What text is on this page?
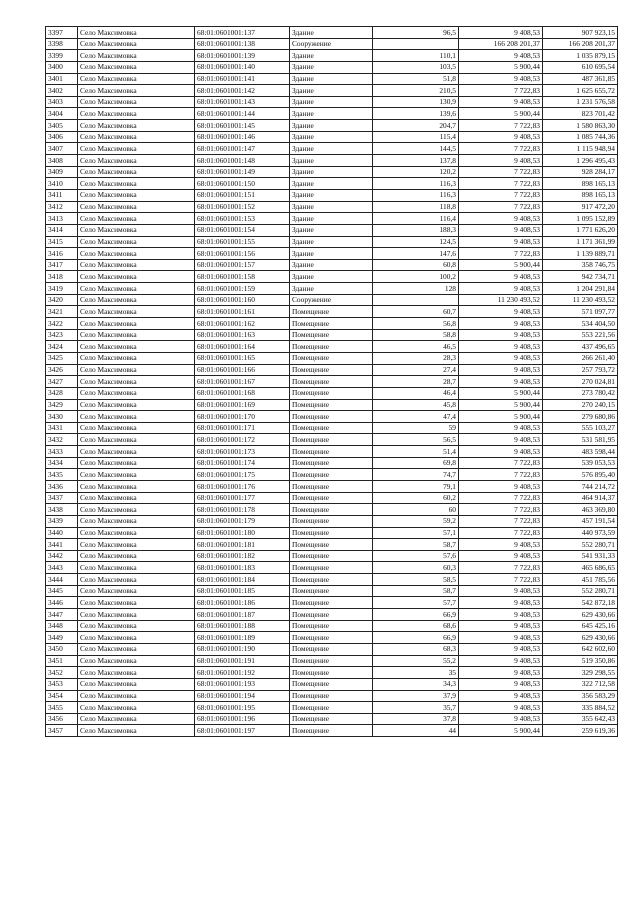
3397	Село Максимовка	68:01:0601001:137	Здание	96,5	9 408,53	907 923,15
3398	Село Максимовка	68:01:0601001:138	Сооружение		166 208 201,37	166 208 201,37
3399	Село Максимовка	68:01:0601001:139	Здание	110,1	9 408,53	1 035 879,15
3400	Село Максимовка	68:01:0601001:140	Здание	103,5	5 900,44	610 695,54
3401	Село Максимовка	68:01:0601001:141	Здание	51,8	9 408,53	487 361,85
3402	Село Максимовка	68:01:0601001:142	Здание	210,5	7 722,83	1 625 655,72
3403	Село Максимовка	68:01:0601001:143	Здание	130,9	9 408,53	1 231 576,58
3404	Село Максимовка	68:01:0601001:144	Здание	139,6	5 900,44	823 701,42
3405	Село Максимовка	68:01:0601001:145	Здание	204,7	7 722,83	1 580 863,30
3406	Село Максимовка	68:01:0601001:146	Здание	115,4	9 408,53	1 085 744,36
3407	Село Максимовка	68:01:0601001:147	Здание	144,5	7 722,83	1 115 948,94
3408	Село Максимовка	68:01:0601001:148	Здание	137,8	9 408,53	1 296 495,43
3409	Село Максимовка	68:01:0601001:149	Здание	120,2	7 722,83	928 284,17
3410	Село Максимовка	68:01:0601001:150	Здание	116,3	7 722,83	898 165,13
3411	Село Максимовка	68:01:0601001:151	Здание	116,3	7 722,83	898 165,13
3412	Село Максимовка	68:01:0601001:152	Здание	118,8	7 722,83	917 472,20
3413	Село Максимовка	68:01:0601001:153	Здание	116,4	9 408,53	1 095 152,89
3414	Село Максимовка	68:01:0601001:154	Здание	188,3	9 408,53	1 771 626,20
3415	Село Максимовка	68:01:0601001:155	Здание	124,5	9 408,53	1 171 361,99
3416	Село Максимовка	68:01:0601001:156	Здание	147,6	7 722,83	1 139 889,71
3417	Село Максимовка	68:01:0601001:157	Здание	60,8	5 900,44	358 746,75
3418	Село Максимовка	68:01:0601001:158	Здание	100,2	9 408,53	942 734,71
3419	Село Максимовка	68:01:0601001:159	Здание	128	9 408,53	1 204 291,84
3420	Село Максимовка	68:01:0601001:160	Сооружение		11 230 493,52	11 230 493,52
3421	Село Максимовка	68:01:0601001:161	Помещение	60,7	9 408,53	571 097,77
3422	Село Максимовка	68:01:0601001:162	Помещение	56,8	9 408,53	534 404,50
3423	Село Максимовка	68:01:0601001:163	Помещение	58,8	9 408,53	553 221,56
3424	Село Максимовка	68:01:0601001:164	Помещение	46,5	9 408,53	437 496,65
3425	Село Максимовка	68:01:0601001:165	Помещение	28,3	9 408,53	266 261,40
3426	Село Максимовка	68:01:0601001:166	Помещение	27,4	9 408,53	257 793,72
3427	Село Максимовка	68:01:0601001:167	Помещение	28,7	9 408,53	270 024,81
3428	Село Максимовка	68:01:0601001:168	Помещение	46,4	5 900,44	273 780,42
3429	Село Максимовка	68:01:0601001:169	Помещение	45,8	5 900,44	270 240,15
3430	Село Максимовка	68:01:0601001:170	Помещение	47,4	5 900,44	279 680,86
3431	Село Максимовка	68:01:0601001:171	Помещение	59	9 408,53	555 103,27
3432	Село Максимовка	68:01:0601001:172	Помещение	56,5	9 408,53	531 581,95
3433	Село Максимовка	68:01:0601001:173	Помещение	51,4	9 408,53	483 598,44
3434	Село Максимовка	68:01:0601001:174	Помещение	69,8	7 722,83	539 053,53
3435	Село Максимовка	68:01:0601001:175	Помещение	74,7	7 722,83	576 895,40
3436	Село Максимовка	68:01:0601001:176	Помещение	79,1	9 408,53	744 214,72
3437	Село Максимовка	68:01:0601001:177	Помещение	60,2	7 722,83	464 914,37
3438	Село Максимовка	68:01:0601001:178	Помещение	60	7 722,83	463 369,80
3439	Село Максимовка	68:01:0601001:179	Помещение	59,2	7 722,83	457 191,54
3440	Село Максимовка	68:01:0601001:180	Помещение	57,1	7 722,83	440 973,59
3441	Село Максимовка	68:01:0601001:181	Помещение	58,7	9 408,53	552 280,71
3442	Село Максимовка	68:01:0601001:182	Помещение	57,6	9 408,53	541 931,33
3443	Село Максимовка	68:01:0601001:183	Помещение	60,3	7 722,83	465 686,65
3444	Село Максимовка	68:01:0601001:184	Помещение	58,5	7 722,83	451 785,56
3445	Село Максимовка	68:01:0601001:185	Помещение	58,7	9 408,53	552 280,71
3446	Село Максимовка	68:01:0601001:186	Помещение	57,7	9 408,53	542 872,18
3447	Село Максимовка	68:01:0601001:187	Помещение	66,9	9 408,53	629 430,66
3448	Село Максимовка	68:01:0601001:188	Помещение	68,6	9 408,53	645 425,16
3449	Село Максимовка	68:01:0601001:189	Помещение	66,9	9 408,53	629 430,66
3450	Село Максимовка	68:01:0601001:190	Помещение	68,3	9 408,53	642 602,60
3451	Село Максимовка	68:01:0601001:191	Помещение	55,2	9 408,53	519 350,86
3452	Село Максимовка	68:01:0601001:192	Помещение	35	9 408,53	329 298,55
3453	Село Максимовка	68:01:0601001:193	Помещение	34,3	9 408,53	322 712,58
3454	Село Максимовка	68:01:0601001:194	Помещение	37,9	9 408,53	356 583,29
3455	Село Максимовка	68:01:0601001:195	Помещение	35,7	9 408,53	335 884,52
3456	Село Максимовка	68:01:0601001:196	Помещение	37,8	9 408,53	355 642,43
3457	Село Максимовка	68:01:0601001:197	Помещение	44	5 900,44	259 619,36
